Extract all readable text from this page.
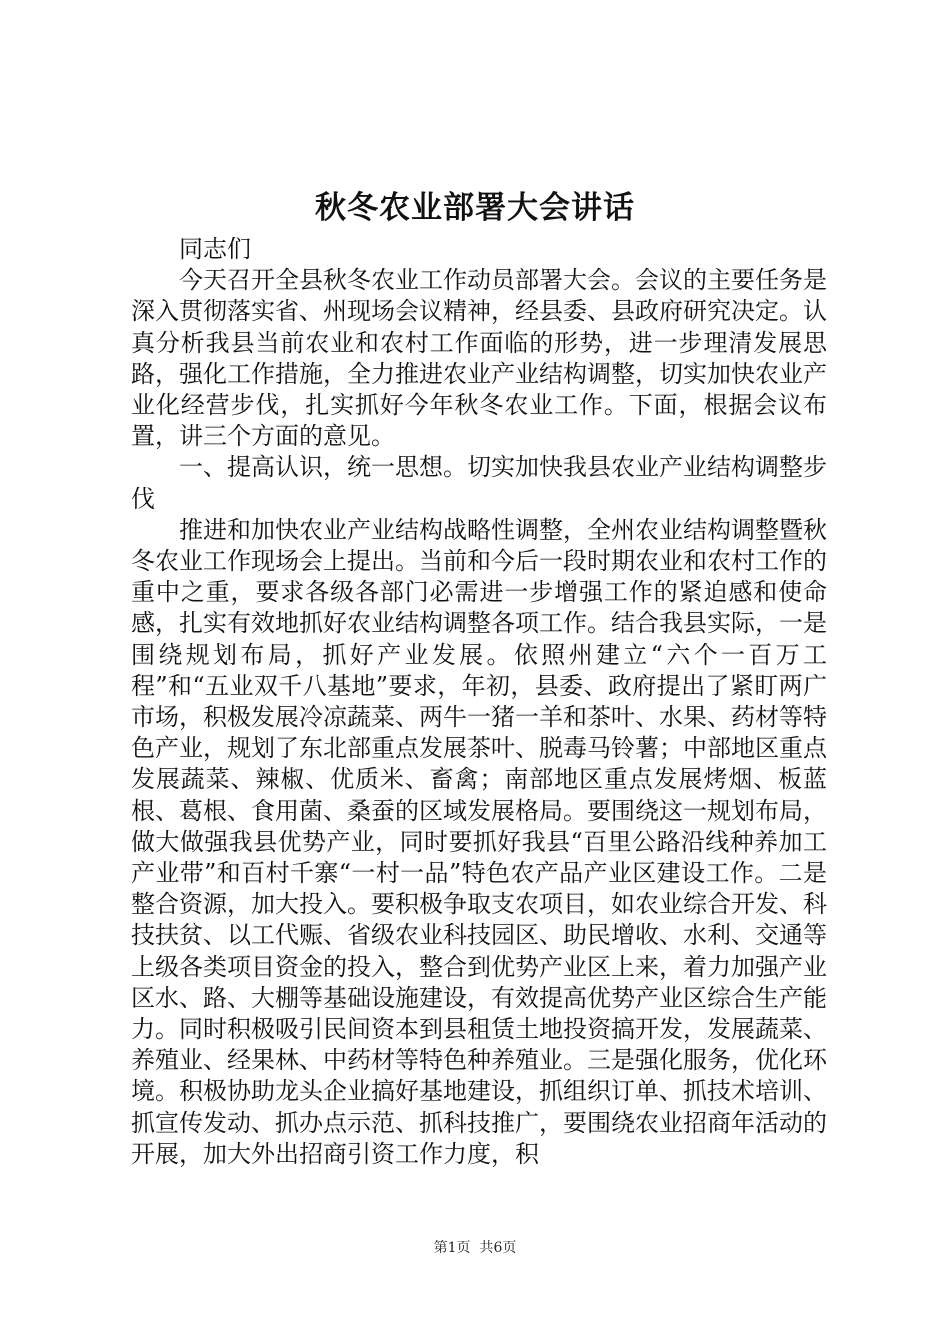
秋冬农业部署大会讲话

同志们

今天召开全县秋冬农业工作动员部署大会。会议的主要任务是深入贯彻落实省、州现场会议精神，经县委、县政府研究决定。认真分析我县当前农业和农村工作面临的形势，进一步理清发展思路，强化工作措施，全力推进农业产业结构调整，切实加快农业产业化经营步伐，扎实抓好今年秋冬农业工作。下面，根据会议布置，讲三个方面的意见。

一、提高认识，统一思想。切实加快我县农业产业结构调整步伐

推进和加快农业产业结构战略性调整，全州农业结构调整暨秋冬农业工作现场会上提出。当前和今后一段时期农业和农村工作的重中之重，要求各级各部门必需进一步增强工作的紧迫感和使命感，扎实有效地抓好农业结构调整各项工作。结合我县实际，一是围绕规划布局，抓好产业发展。依照州建立“六个一百万工程”和“五业双千八基地”要求，年初，县委、政府提出了紧盯两广市场，积极发展冷凉蔬菜、两牛一猪一羊和茶叶、水果、药材等特色产业，规划了东北部重点发展茶叶、脱毒马铃薯；中部地区重点发展蔬菜、辣椒、优质米、畜禽；南部地区重点发展烤烟、板蓝根、葛根、食用菌、桑蚕的区域发展格局。要围绕这一规划布局，做大做强我县优势产业，同时要抓好我县“百里公路沿线种养加工产业带”和百村千寨“一村一品”特色农产品产业区建设工作。二是整合资源，加大投入。要积极争取支农项目，如农业综合开发、科技扶贫、以工代赈、省级农业科技园区、助民增收、水利、交通等上级各类项目资金的投入，整合到优势产业区上来，着力加强产业区水、路、大棚等基础设施建设，有效提高优势产业区综合生产能力。同时积极吸引民间资本到县租赁土地投资搞开发，发展蔬菜、养殖业、经果林、中药材等特色种养殖业。三是强化服务，优化环境。积极协助龙头企业搞好基地建设，抓组织订单、抓技术培训、抓宣传发动、抓办点示范、抓科技推广，要围绕农业招商年活动的开展，加大外出招商引资工作力度，积

第1页  共6页
